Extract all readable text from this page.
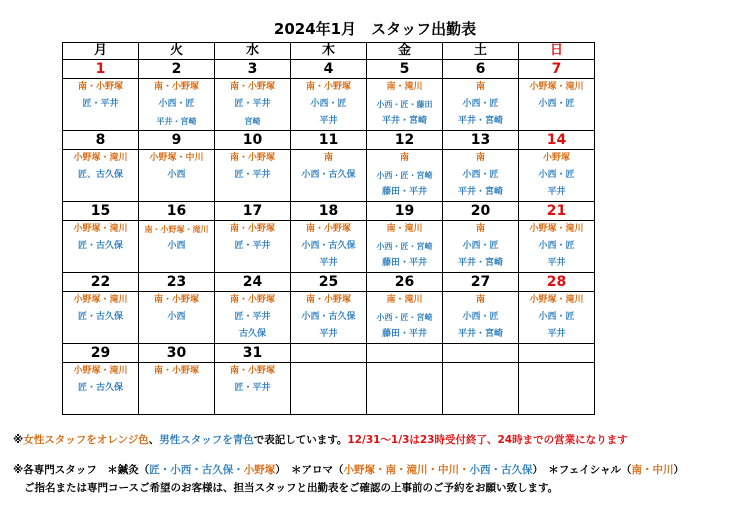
2024年1月　スタッフ出勤表
月	火	水	木	金	土	日

1
南・小野塚
匠・平井	2
南・小野塚
小西・匠
平井・宮崎	3
南・小野塚
匠・平井
宮崎	4
南・小野塚
小西・匠
平井	5
南・滝川
小西・匠・藤田
平井・宮崎	6
南
小西・匠
平井・宮崎	7
小野塚・滝川
小西・匠

8
小野塚・滝川
匠、古久保	9
小野塚・中川
小西	10
南・小野塚
匠・平井	11
南
小西・古久保	12
南
小西・匠・宮崎
藤田・平井	13
南
小西・匠
平井・宮崎	14
小野塚
小西・匠
平井

15
小野塚・滝川
匠・古久保	16
南・小野塚・滝川
小西	17
南・小野塚
匠・平井	18
南・小野塚
小西・古久保
平井	19
南・滝川
小西・匠・宮崎
藤田・平井	20
南
小西・匠
平井・宮崎	21
小野塚・滝川
小西・匠
平井

22
小野塚・滝川
匠・古久保	23
南・小野塚
小西	24
南・小野塚
匠・平井
古久保	25
南・小野塚
小西・古久保
平井	26
南・滝川
小西・匠・宮崎
藤田・平井	27
南
小西・匠
平井・宮崎	28
小野塚・滝川
小西・匠
平井

29
小野塚・滝川
匠・古久保	30
南・小野塚	31
南・小野塚
匠・平井				

※女性スタッフをオレンジ色、男性スタッフを青色で表記しています。12/31～1/3は23時受付終了、24時までの営業になります
※各専門スタッフ　＊鍼灸（匠・小西・古久保・小野塚）　＊アロマ（小野塚・南・滝川・中川・小西・古久保）　＊フェイシャル（南・中川）
ご指名または専門コースご希望のお客様は、担当スタッフと出勤表をご確認の上事前のご予約をお願い致します。
